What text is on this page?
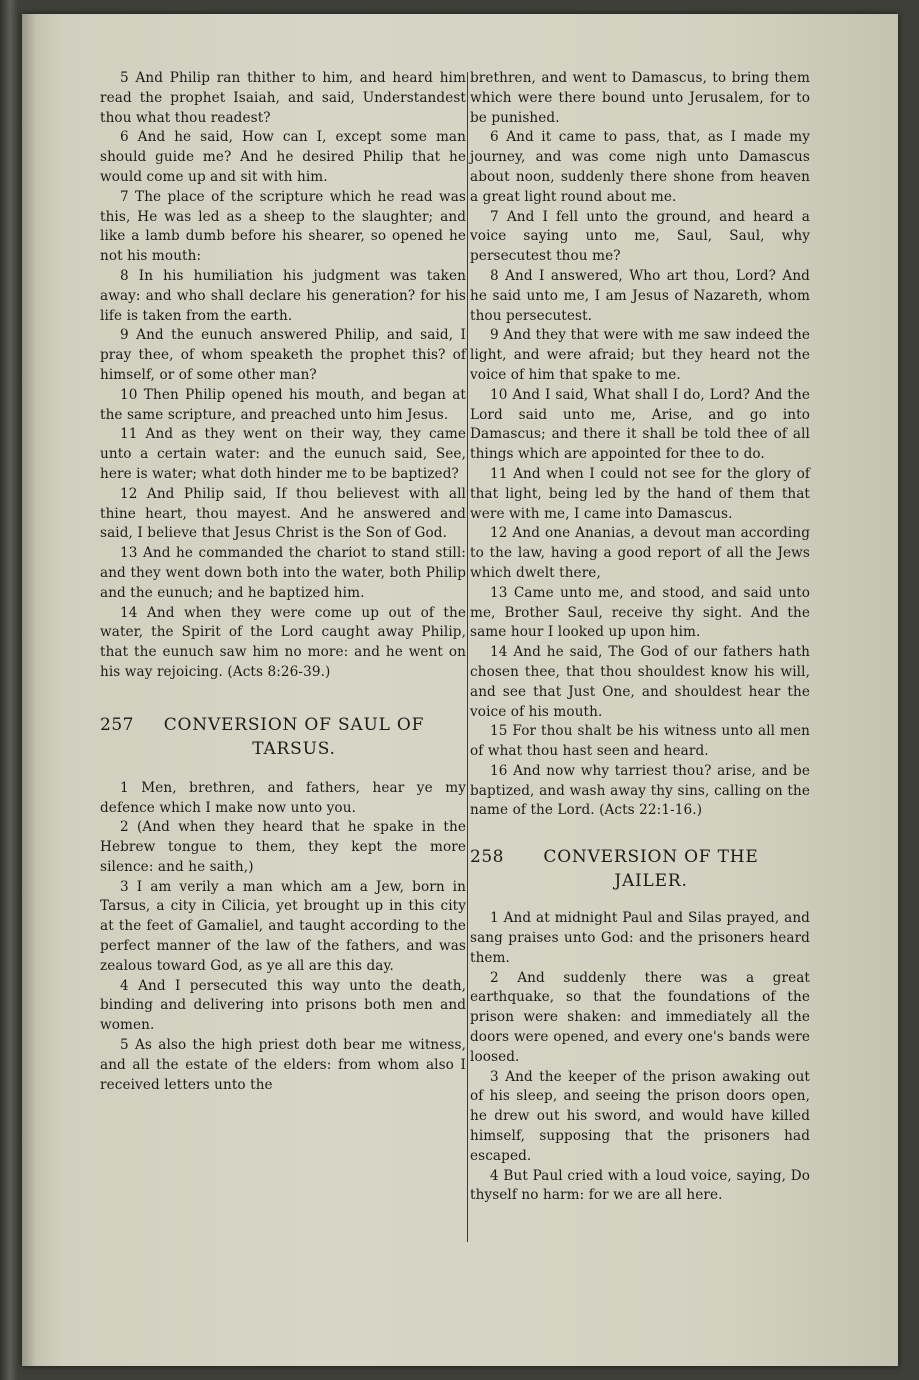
5 And Philip ran thither to him, and heard him read the prophet Isaiah, and said, Understandest thou what thou readest?

6 And he said, How can I, except some man should guide me? And he desired Philip that he would come up and sit with him.

7 The place of the scripture which he read was this, He was led as a sheep to the slaughter; and like a lamb dumb before his shearer, so opened he not his mouth:

8 In his humiliation his judgment was taken away: and who shall declare his generation? for his life is taken from the earth.

9 And the eunuch answered Philip, and said, I pray thee, of whom speaketh the prophet this? of himself, or of some other man?

10 Then Philip opened his mouth, and began at the same scripture, and preached unto him Jesus.

11 And as they went on their way, they came unto a certain water: and the eunuch said, See, here is water; what doth hinder me to be baptized?

12 And Philip said, If thou believest with all thine heart, thou mayest. And he answered and said, I believe that Jesus Christ is the Son of God.

13 And he commanded the chariot to stand still: and they went down both into the water, both Philip and the eunuch; and he baptized him.

14 And when they were come up out of the water, the Spirit of the Lord caught away Philip, that the eunuch saw him no more: and he went on his way rejoicing. (Acts 8:26-39.)

257	CONVERSION OF SAUL OF TARSUS.

1 Men, brethren, and fathers, hear ye my defence which I make now unto you.

2 (And when they heard that he spake in the Hebrew tongue to them, they kept the more silence: and he saith,)

3 I am verily a man which am a Jew, born in Tarsus, a city in Cilicia, yet brought up in this city at the feet of Gamaliel, and taught according to the perfect manner of the law of the fathers, and was zealous toward God, as ye all are this day.

4 And I persecuted this way unto the death, binding and delivering into prisons both men and women.

5 As also the high priest doth bear me witness, and all the estate of the elders: from whom also I received letters unto the

brethren, and went to Damascus, to bring them which were there bound unto Jerusalem, for to be punished.

6 And it came to pass, that, as I made my journey, and was come nigh unto Damascus about noon, suddenly there shone from heaven a great light round about me.

7 And I fell unto the ground, and heard a voice saying unto me, Saul, Saul, why persecutest thou me?

8 And I answered, Who art thou, Lord? And he said unto me, I am Jesus of Nazareth, whom thou persecutest.

9 And they that were with me saw indeed the light, and were afraid; but they heard not the voice of him that spake to me.

10 And I said, What shall I do, Lord? And the Lord said unto me, Arise, and go into Damascus; and there it shall be told thee of all things which are appointed for thee to do.

11 And when I could not see for the glory of that light, being led by the hand of them that were with me, I came into Damascus.

12 And one Ananias, a devout man according to the law, having a good report of all the Jews which dwelt there,

13 Came unto me, and stood, and said unto me, Brother Saul, receive thy sight. And the same hour I looked up upon him.

14 And he said, The God of our fathers hath chosen thee, that thou shouldest know his will, and see that Just One, and shouldest hear the voice of his mouth.

15 For thou shalt be his witness unto all men of what thou hast seen and heard.

16 And now why tarriest thou? arise, and be baptized, and wash away thy sins, calling on the name of the Lord. (Acts 22:1-16.)

258	CONVERSION OF THE JAILER.

1 And at midnight Paul and Silas prayed, and sang praises unto God: and the prisoners heard them.

2 And suddenly there was a great earthquake, so that the foundations of the prison were shaken: and immediately all the doors were opened, and every one's bands were loosed.

3 And the keeper of the prison awaking out of his sleep, and seeing the prison doors open, he drew out his sword, and would have killed himself, supposing that the prisoners had escaped.

4 But Paul cried with a loud voice, saying, Do thyself no harm: for we are all here.
